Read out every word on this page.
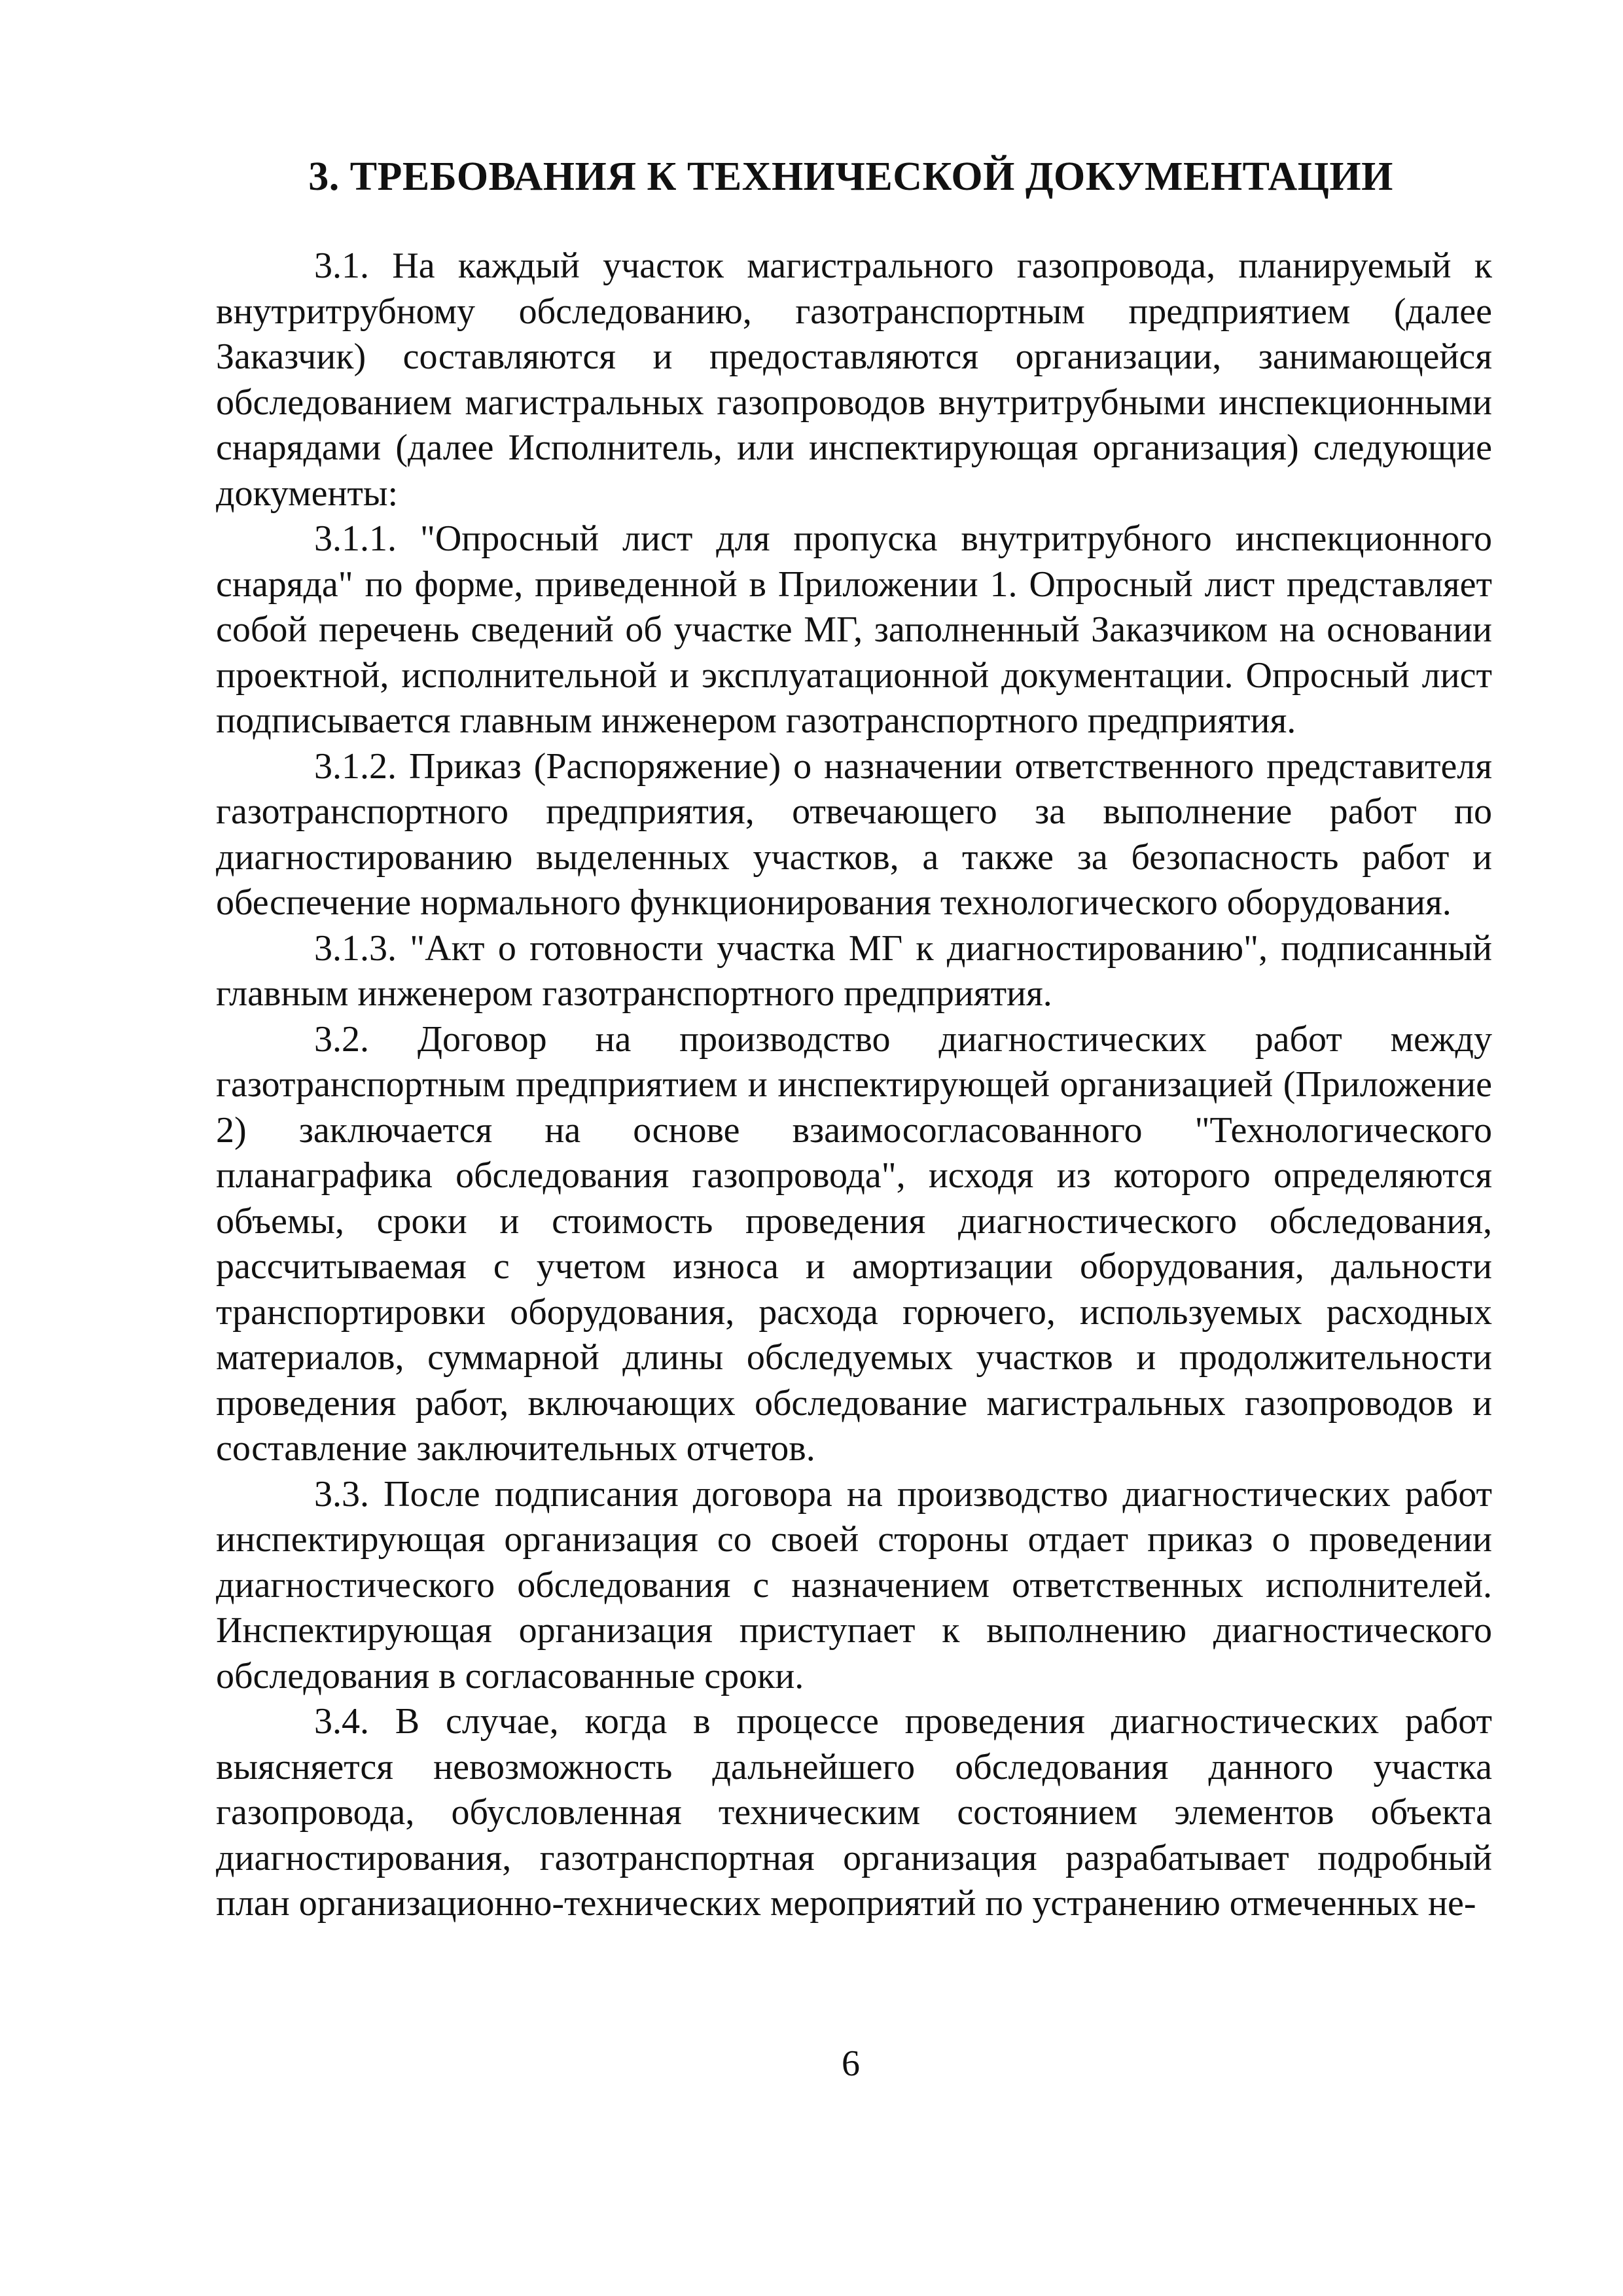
3. ТРЕБОВАНИЯ К ТЕХНИЧЕСКОЙ ДОКУМЕНТАЦИИ

3.1. На каждый участок магистрального газопровода, планируемый к внутритрубному обследованию, газотранспортным предприятием (далее Заказчик) составляются и предоставляются организации, занимающейся обследованием магистральных газопроводов внутритрубными инспекционными снарядами (далее Исполнитель, или инспектирующая организация) следующие документы:

3.1.1. "Опросный лист для пропуска внутритрубного инспекционного снаряда" по форме, приведенной в Приложении 1. Опросный лист представляет собой перечень сведений об участке МГ, заполненный Заказчиком на основании проектной, исполнительной и эксплуатационной документации. Опросный лист подписывается главным инженером газотранспортного предприятия.

3.1.2. Приказ (Распоряжение) о назначении ответственного представителя газотранспортного предприятия, отвечающего за выполнение работ по диагностированию выделенных участков, а также за безопасность работ и обеспечение нормального функционирования технологического оборудования.

3.1.3. "Акт о готовности участка МГ к диагностированию", подписанный главным инженером газотранспортного предприятия.

3.2. Договор на производство диагностических работ между газотранспортным предприятием и инспектирующей организацией (Приложение 2) заключается на основе взаимосогласованного "Технологического планаграфика обследования газопровода", исходя из которого определяются объемы, сроки и стоимость проведения диагностического обследования, рассчитываемая с учетом износа и амортизации оборудования, дальности транспортировки оборудования, расхода горючего, используемых расходных материалов, суммарной длины обследуемых участков и продолжительности проведения работ, включающих обследование магистральных газопроводов и составление заключительных отчетов.

3.3. После подписания договора на производство диагностических работ инспектирующая организация со своей стороны отдает приказ о проведении диагностического обследования с назначением ответственных исполнителей. Инспектирующая организация приступает к выполнению диагностического обследования в согласованные сроки.

3.4. В случае, когда в процессе проведения диагностических работ выясняется невозможность дальнейшего обследования данного участка газопровода, обусловленная техническим состоянием элементов объекта диагностирования, газотранспортная организация разрабатывает подробный план организационно-технических мероприятий по устранению отмеченных не-

6
